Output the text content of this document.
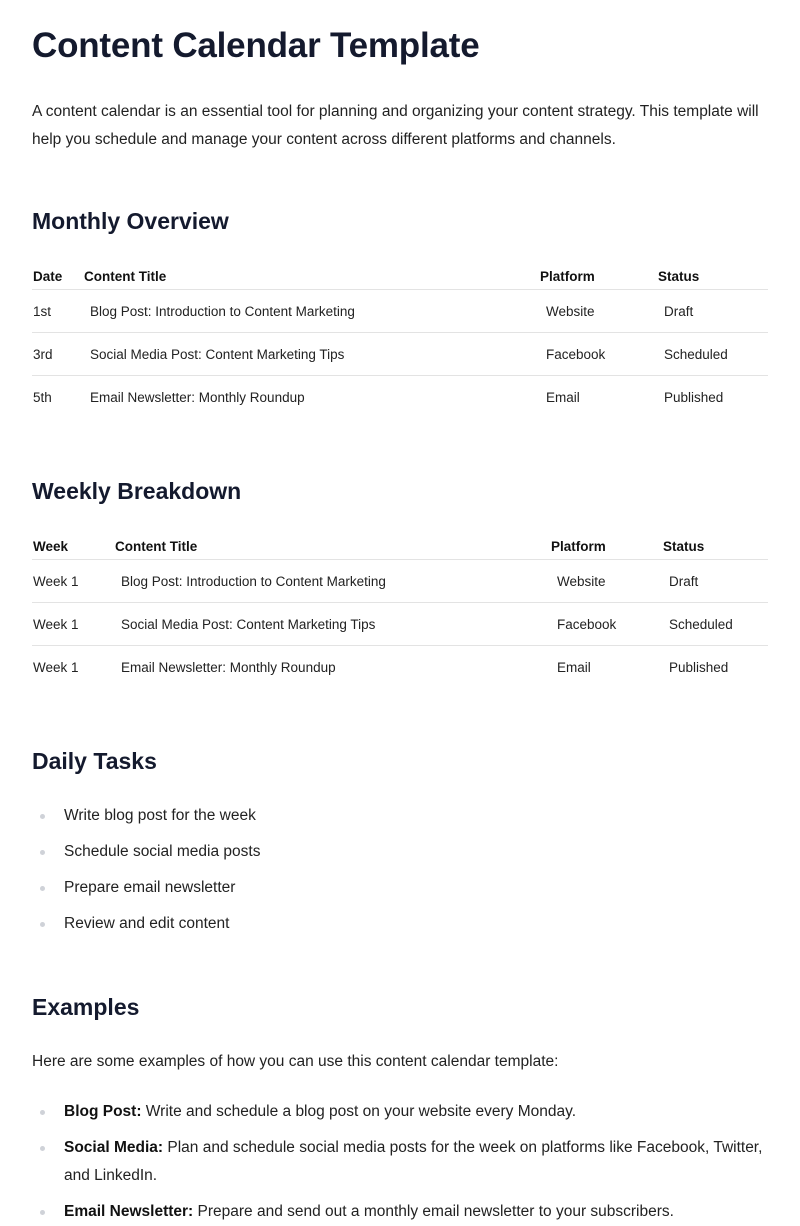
Content Calendar Template

A content calendar is an essential tool for planning and organizing your content strategy. This template will help you schedule and manage your content across different platforms and channels.

Monthly Overview
Date	Content Title	Platform	Status
1st	Blog Post: Introduction to Content Marketing	Website	Draft
3rd	Social Media Post: Content Marketing Tips	Facebook	Scheduled
5th	Email Newsletter: Monthly Roundup	Email	Published
Weekly Breakdown
Week	Content Title	Platform	Status
Week 1	Blog Post: Introduction to Content Marketing	Website	Draft
Week 1	Social Media Post: Content Marketing Tips	Facebook	Scheduled
Week 1	Email Newsletter: Monthly Roundup	Email	Published
Daily Tasks
Write blog post for the week
Schedule social media posts
Prepare email newsletter
Review and edit content
Examples

Here are some examples of how you can use this content calendar template:

Blog Post: Write and schedule a blog post on your website every Monday.
Social Media: Plan and schedule social media posts for the week on platforms like Facebook, Twitter, and LinkedIn.
Email Newsletter: Prepare and send out a monthly email newsletter to your subscribers.
